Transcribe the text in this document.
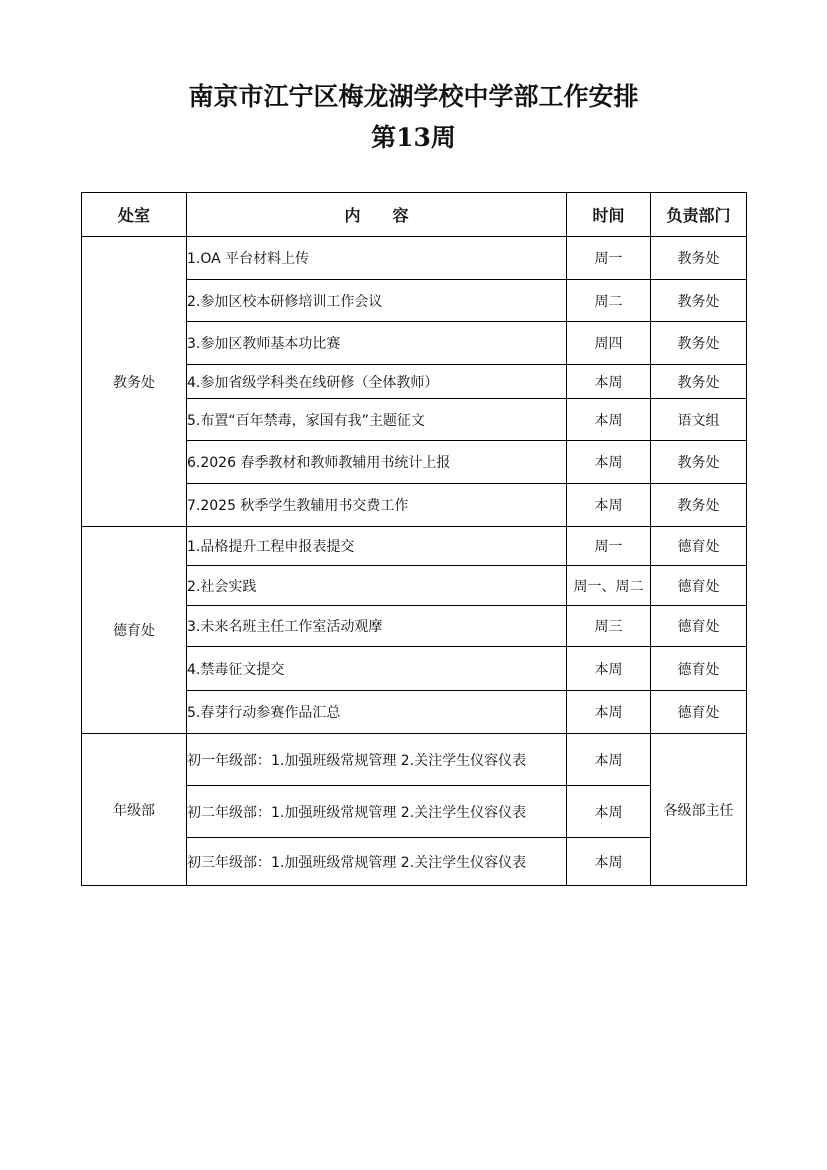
南京市江宁区梅龙湖学校中学部工作安排
第13周
处室	内　　容	时间	负责部门
教务处	1.OA 平台材料上传	周一	教务处
	2.参加区校本研修培训工作会议	周二	教务处
	3.参加区教师基本功比赛	周四	教务处
	4.参加省级学科类在线研修（全体教师）	本周	教务处
	5.布置“百年禁毒，家国有我”主题征文	本周	语文组
	6.2026 春季教材和教师教辅用书统计上报	本周	教务处
	7.2025 秋季学生教辅用书交费工作	本周	教务处
德育处	1.品格提升工程申报表提交	周一	德育处
	2.社会实践	周一、周二	德育处
	3.未来名班主任工作室活动观摩	周三	德育处
	4.禁毒征文提交	本周	德育处
	5.春芽行动参赛作品汇总	本周	德育处
年级部	初一年级部：1.加强班级常规管理 2.关注学生仪容仪表	本周	各级部主任
	初二年级部：1.加强班级常规管理 2.关注学生仪容仪表	本周	
	初三年级部：1.加强班级常规管理 2.关注学生仪容仪表	本周	
